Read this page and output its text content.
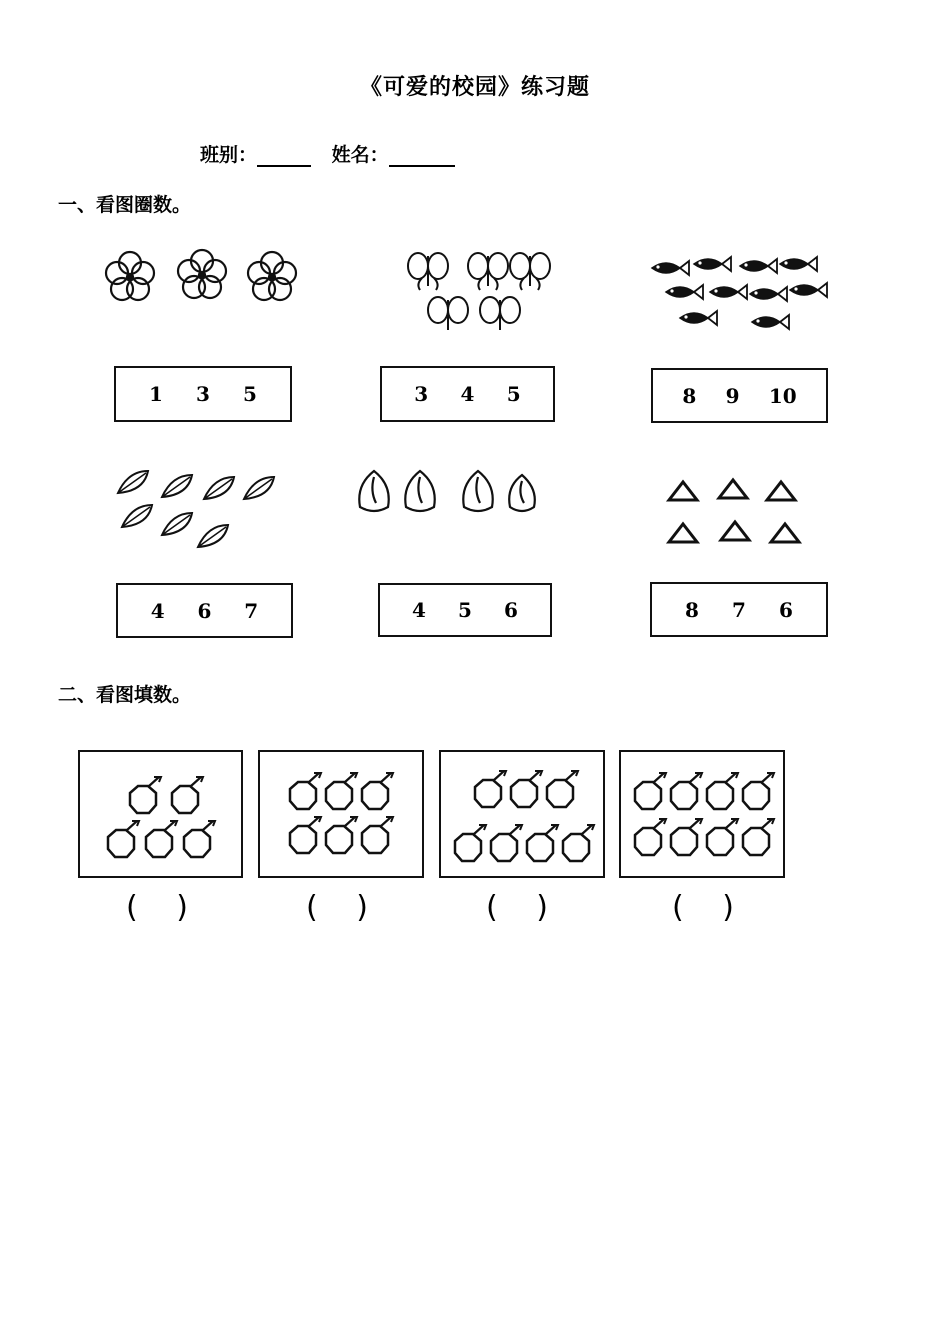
《可爱的校园》练习题
班别：	姓名：
一、看图圈数。
1 3 5	3 4 5	8 9 10
4 6 7	4 5 6	8 7 6
二、看图填数。
( )	( )	( )	( )
